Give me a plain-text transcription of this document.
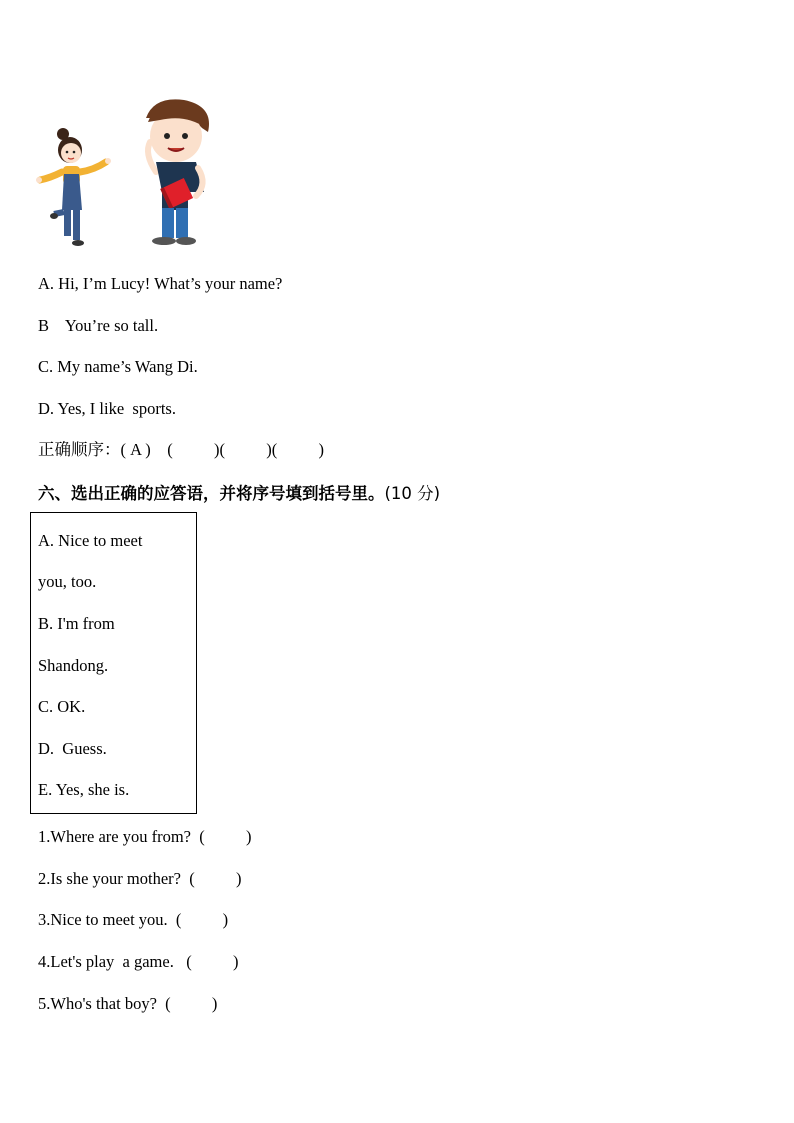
A. Hi, I’m Lucy! What’s your name?
B    You’re so tall.
C. My name’s Wang Di.
D. Yes, I like  sports.
正确顺序：( A ) (          )(          )(          )
六、选出正确的应答语，并将序号填到括号里。(10 分)
A. Nice to meet
you, too.
B. I'm from
Shandong.
C. OK.
D.  Guess.
E. Yes, she is.
1.Where are you from?  (          )
2.Is she your mother?  (          )
3.Nice to meet you.  (          )
4.Let's play  a game.   (          )
5.Who's that boy?  (          )
